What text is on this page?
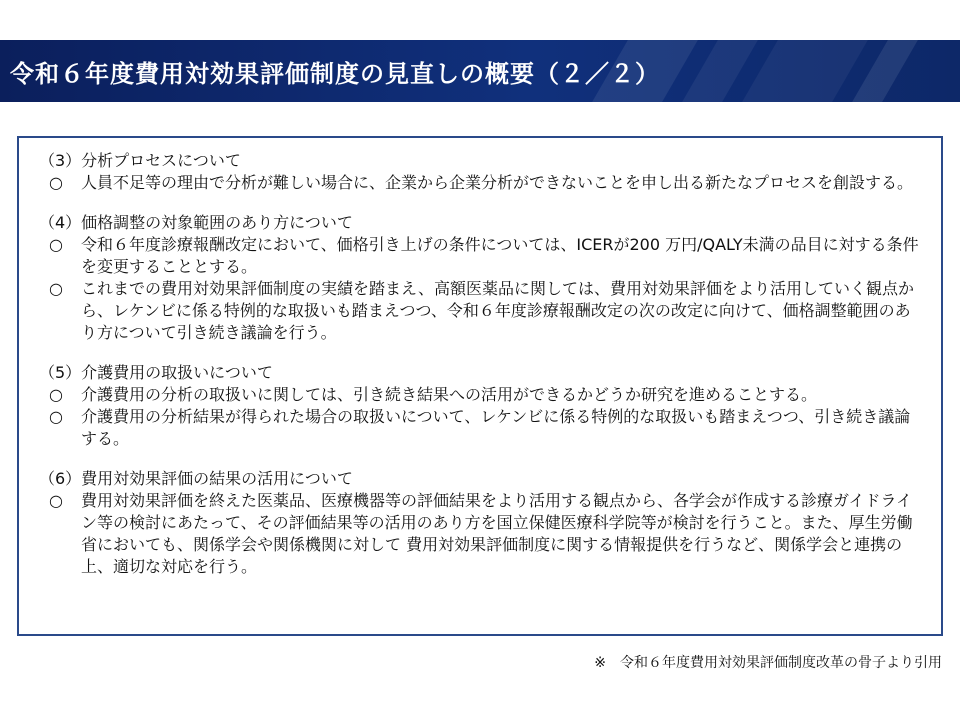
令和６年度費用対効果評価制度の見直しの概要（２／２）

（3）分析プロセスについて

○	人員不足等の理由で分析が難しい場合に、企業から企業分析ができないことを申し出る新たなプロセスを創設する。

（4）価格調整の対象範囲のあり方について

○	令和６年度診療報酬改定において、価格引き上げの条件については、ICERが200 万円/QALY未満の品目に対する条件を変更することとする。
○	これまでの費用対効果評価制度の実績を踏まえ、高額医薬品に関しては、費用対効果評価をより活用していく観点から、レケンビに係る特例的な取扱いも踏まえつつ、令和６年度診療報酬改定の次の改定に向けて、価格調整範囲のあり方について引き続き議論を行う。

（5）介護費用の取扱いについて

○	介護費用の分析の取扱いに関しては、引き続き結果への活用ができるかどうか研究を進めることする。
○	介護費用の分析結果が得られた場合の取扱いについて、レケンビに係る特例的な取扱いも踏まえつつ、引き続き議論する。

（6）費用対効果評価の結果の活用について

○	費用対効果評価を終えた医薬品、医療機器等の評価結果をより活用する観点から、各学会が作成する診療ガイドライン等の検討にあたって、その評価結果等の活用のあり方を国立保健医療科学院等が検討を行うこと。また、厚生労働省においても、関係学会や関係機関に対して 費用対効果評価制度に関する情報提供を行うなど、関係学会と連携の上、適切な対応を行う。
※　令和６年度費用対効果評価制度改革の骨子より引用
